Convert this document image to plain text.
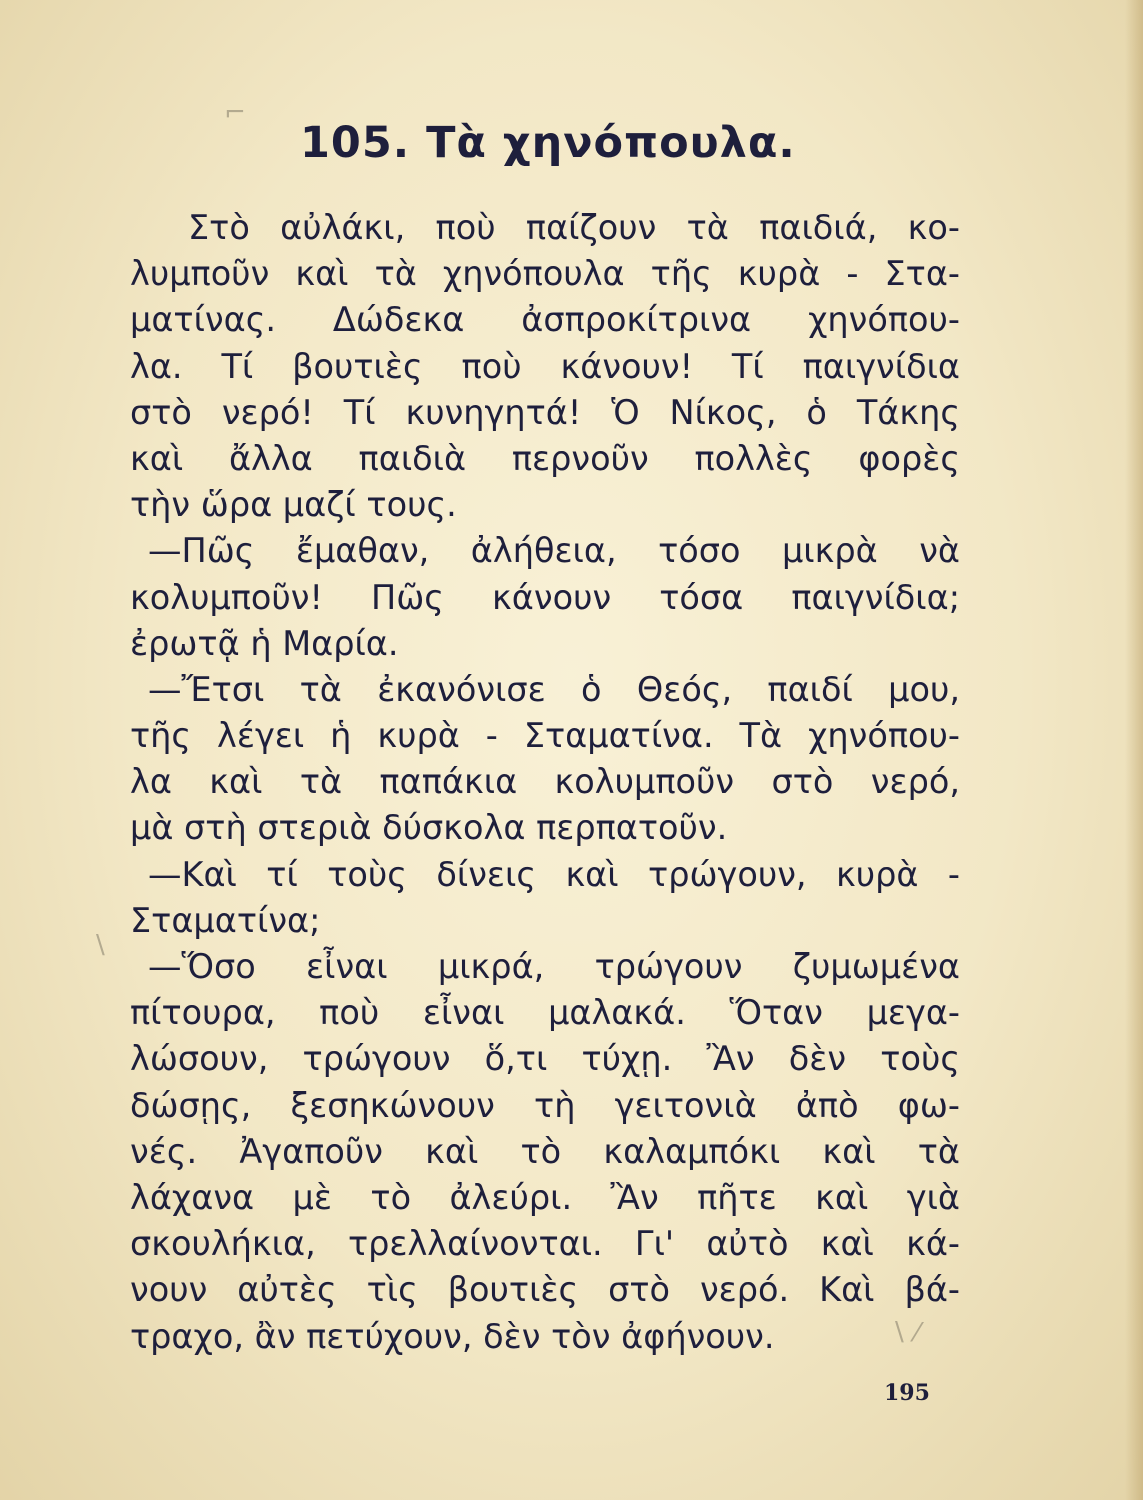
105. Τὰ χηνόπουλα.
Στὸ αὐλάκι, ποὺ παίζουν τὰ παιδιά, κο-
λυμποῦν καὶ τὰ χηνόπουλα τῆς κυρὰ - Στα-
ματίνας. Δώδεκα ἀσπροκίτρινα χηνόπου-
λα. Τί βουτιὲς ποὺ κάνουν! Τί παιγνίδια
στὸ νερό! Τί κυνηγητά! Ὁ Νίκος, ὁ Τάκης
καὶ ἄλλα παιδιὰ περνοῦν πολλὲς φορὲς
τὴν ὥρα μαζί τους.
—Πῶς ἔμαθαν, ἀλήθεια, τόσο μικρὰ νὰ
κολυμποῦν! Πῶς κάνουν τόσα παιγνίδια;
ἐρωτᾷ ἡ Μαρία.
—Ἔτσι τὰ ἐκανόνισε ὁ Θεός, παιδί μου,
τῆς λέγει ἡ κυρὰ - Σταματίνα. Τὰ χηνόπου-
λα καὶ τὰ παπάκια κολυμποῦν στὸ νερό,
μὰ στὴ στεριὰ δύσκολα περπατοῦν.
—Καὶ τί τοὺς δίνεις καὶ τρώγουν, κυρὰ -
Σταματίνα;
—Ὅσο εἶναι μικρά, τρώγουν ζυμωμένα
πίτουρα, ποὺ εἶναι μαλακά. Ὅταν μεγα-
λώσουν, τρώγουν ὅ,τι τύχῃ. Ἂν δὲν τοὺς
δώσῃς, ξεσηκώνουν τὴ γειτονιὰ ἀπὸ φω-
νές. Ἀγαποῦν καὶ τὸ καλαμπόκι καὶ τὰ
λάχανα μὲ τὸ ἀλεύρι. Ἂν πῆτε καὶ γιὰ
σκουλήκια, τρελλαίνονται. Γι' αὐτὸ καὶ κά-
νουν αὐτὲς τὶς βουτιὲς στὸ νερό. Καὶ βά-
τραχο, ἂν πετύχουν, δὲν τὸν ἀφήνουν.
⌐
∖ ⁄
\
195
